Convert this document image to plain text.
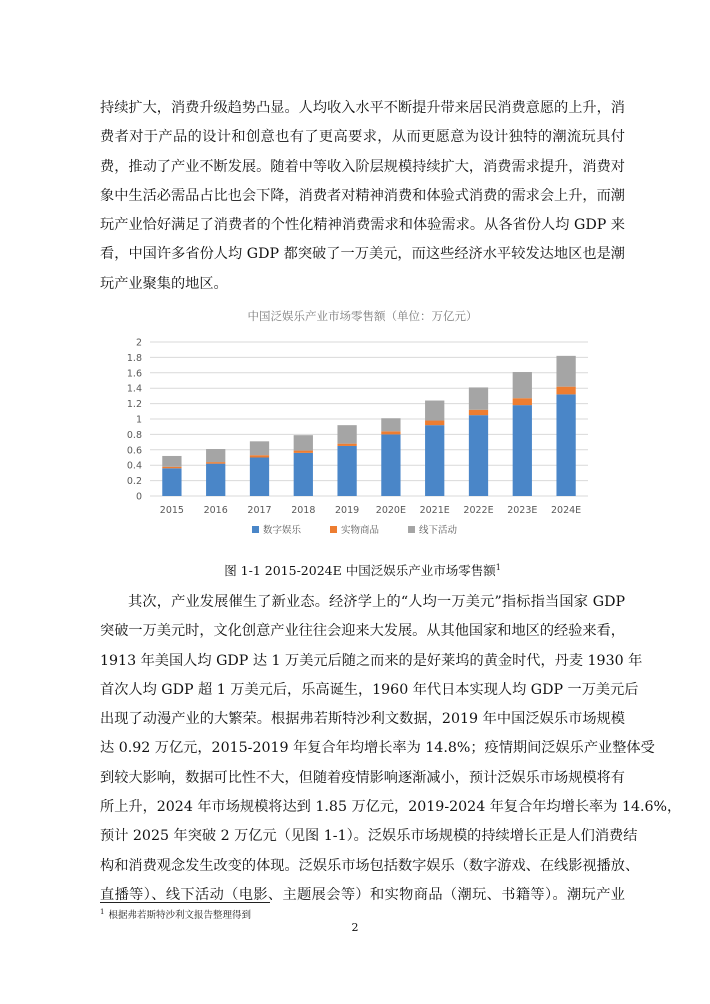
持续扩大，消费升级趋势凸显。人均收入水平不断提升带来居民消费意愿的上升，消
费者对于产品的设计和创意也有了更高要求，从而更愿意为设计独特的潮流玩具付
费，推动了产业不断发展。随着中等收入阶层规模持续扩大，消费需求提升，消费对
象中生活必需品占比也会下降，消费者对精神消费和体验式消费的需求会上升，而潮
玩产业恰好满足了消费者的个性化精神消费需求和体验需求。从各省份人均 GDP 来
看，中国许多省份人均 GDP 都突破了一万美元，而这些经济水平较发达地区也是潮
玩产业聚集的地区。
中国泛娱乐产业市场零售额（单位：万亿元）
0
0.2
0.4
0.6
0.8
1
1.2
1.4
1.6
1.8
2
2015 2016 2017 2018 2019 2020E 2021E 2022E 2023E 2024E
数字娱乐	实物商品	线下活动
图 1-1 2015-2024E 中国泛娱乐产业市场零售额$^1$
其次，产业发展催生了新业态。经济学上的“人均一万美元”指标指当国家 GDP
突破一万美元时，文化创意产业往往会迎来大发展。从其他国家和地区的经验来看，
1913 年美国人均 GDP 达 1 万美元后随之而来的是好莱坞的黄金时代，丹麦 1930 年
首次人均 GDP 超 1 万美元后，乐高诞生，1960 年代日本实现人均 GDP 一万美元后
出现了动漫产业的大繁荣。根据弗若斯特沙利文数据，2019 年中国泛娱乐市场规模
达 0.92 万亿元，2015-2019 年复合年均增长率为 14.8%；疫情期间泛娱乐产业整体受
到较大影响，数据可比性不大，但随着疫情影响逐渐减小，预计泛娱乐市场规模将有
所上升，2024 年市场规模将达到 1.85 万亿元，2019-2024 年复合年均增长率为 14.6%，
预计 2025 年突破 2 万亿元（见图 1-1）。泛娱乐市场规模的持续增长正是人们消费结
构和消费观念发生改变的体现。泛娱乐市场包括数字娱乐（数字游戏、在线影视播放、
直播等）、线下活动（电影、主题展会等）和实物商品（潮玩、书籍等）。潮玩产业
$^1$ 根据弗若斯特沙利文报告整理得到
2
